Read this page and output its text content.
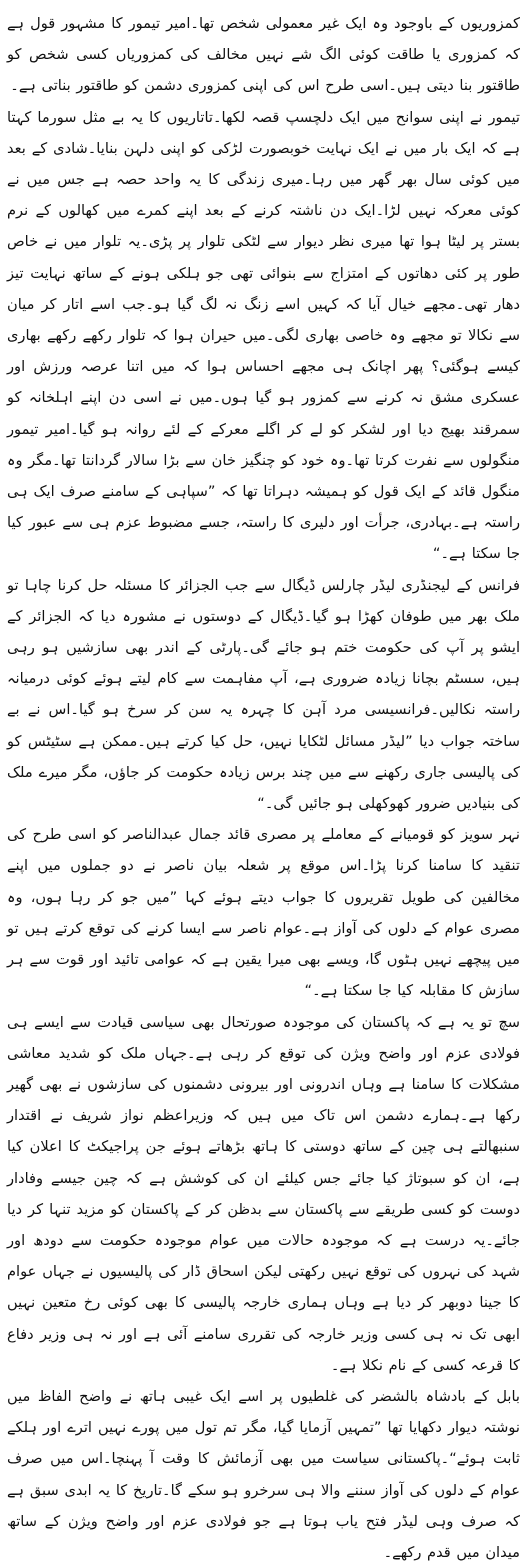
کمزوریوں کے باوجود وہ ایک غیر معمولی شخص تھا۔امیر تیمور کا مشہور قول ہے کہ کمزوری یا طاقت کوئی الگ شے نہیں مخالف کی کمزوریاں کسی شخص کو طاقتور بنا دیتی ہیں۔اسی طرح اس کی اپنی کمزوری دشمن کو طاقتور بناتی ہے۔

تیمور نے اپنی سوانح میں ایک دلچسپ قصہ لکھا۔تاتاریوں کا یہ بے مثل سورما کہتا ہے کہ ایک بار میں نے ایک نہایت خوبصورت لڑکی کو اپنی دلہن بنایا۔شادی کے بعد میں کوئی سال بھر گھر میں رہا۔میری زندگی کا یہ واحد حصہ ہے جس میں نے کوئی معرکہ نہیں لڑا۔ایک دن ناشتہ کرنے کے بعد اپنے کمرے میں کھالوں کے نرم بستر پر لیٹا ہوا تھا میری نظر دیوار سے لٹکی تلوار پر پڑی۔یہ تلوار میں نے خاص طور پر کئی دھاتوں کے امتزاج سے بنوائی تھی جو ہلکی ہونے کے ساتھ نہایت تیز دھار تھی۔مجھے خیال آیا کہ کہیں اسے زنگ نہ لگ گیا ہو۔جب اسے اتار کر میان سے نکالا تو مجھے وہ خاصی بھاری لگی۔میں حیران ہوا کہ تلوار رکھے رکھے بھاری کیسے ہوگئی؟ پھر اچانک ہی مجھے احساس ہوا کہ میں اتنا عرصہ ورزش اور عسکری مشق نہ کرنے سے کمزور ہو گیا ہوں۔میں نے اسی دن اپنے اہلخانہ کو سمرقند بھیج دیا اور لشکر کو لے کر اگلے معرکے کے لئے روانہ ہو گیا۔امیر تیمور منگولوں سے نفرت کرتا تھا۔وہ خود کو چنگیز خان سے بڑا سالار گردانتا تھا۔مگر وہ منگول قائد کے ایک قول کو ہمیشہ دہراتا تھا کہ ”سپاہی کے سامنے صرف ایک ہی راستہ ہے۔بہادری، جرأت اور دلیری کا راستہ، جسے مضبوط عزم ہی سے عبور کیا جا سکتا ہے۔“

فرانس کے لیجنڈری لیڈر چارلس ڈیگال سے جب الجزائر کا مسئلہ حل کرنا چاہا تو ملک بھر میں طوفان کھڑا ہو گیا۔ڈیگال کے دوستوں نے مشورہ دیا کہ الجزائر کے ایشو پر آپ کی حکومت ختم ہو جائے گی۔پارٹی کے اندر بھی سازشیں ہو رہی ہیں، سسٹم بچانا زیادہ ضروری ہے، آپ مفاہمت سے کام لیتے ہوئے کوئی درمیانہ راستہ نکالیں۔فرانسیسی مرد آہن کا چہرہ یہ سن کر سرخ ہو گیا۔اس نے بے ساختہ جواب دیا ”لیڈر مسائل لٹکایا نہیں، حل کیا کرتے ہیں۔ممکن ہے سٹیٹس کو کی پالیسی جاری رکھنے سے میں چند برس زیادہ حکومت کر جاؤں، مگر میرے ملک کی بنیادیں ضرور کھوکھلی ہو جائیں گی۔“

نہر سویز کو قومیانے کے معاملے پر مصری قائد جمال عبدالناصر کو اسی طرح کی تنقید کا سامنا کرنا پڑا۔اس موقع پر شعلہ بیان ناصر نے دو جملوں میں اپنے مخالفین کی طویل تقریروں کا جواب دیتے ہوئے کہا ”میں جو کر رہا ہوں، وہ مصری عوام کے دلوں کی آواز ہے۔عوام ناصر سے ایسا کرنے کی توقع کرتے ہیں تو میں پیچھے نہیں ہٹوں گا، ویسے بھی میرا یقین ہے کہ عوامی تائید اور قوت سے ہر سازش کا مقابلہ کیا جا سکتا ہے۔“

سچ تو یہ ہے کہ پاکستان کی موجودہ صورتحال بھی سیاسی قیادت سے ایسے ہی فولادی عزم اور واضح ویژن کی توقع کر رہی ہے۔جہاں ملک کو شدید معاشی مشکلات کا سامنا ہے وہاں اندرونی اور بیرونی دشمنوں کی سازشوں نے بھی گھیر رکھا ہے۔ہمارے دشمن اس تاک میں ہیں کہ وزیراعظم نواز شریف نے اقتدار سنبھالتے ہی چین کے ساتھ دوستی کا ہاتھ بڑھاتے ہوئے جن پراجیکٹ کا اعلان کیا ہے، ان کو سبوتاژ کیا جائے جس کیلئے ان کی کوشش ہے کہ چین جیسے وفادار دوست کو کسی طریقے سے پاکستان سے بدظن کر کے پاکستان کو مزید تنہا کر دیا جائے۔یہ درست ہے کہ موجودہ حالات میں عوام موجودہ حکومت سے دودھ اور شہد کی نہروں کی توقع نہیں رکھتی لیکن اسحاق ڈار کی پالیسیوں نے جہاں عوام کا جینا دوبھر کر دیا ہے وہاں ہماری خارجہ پالیسی کا بھی کوئی رخ متعین نہیں ابھی تک نہ ہی کسی وزیر خارجہ کی تقرری سامنے آئی ہے اور نہ ہی وزیر دفاع کا قرعہ کسی کے نام نکلا ہے۔

بابل کے بادشاہ بالشضر کی غلطیوں پر اسے ایک غیبی ہاتھ نے واضح الفاظ میں نوشتہ دیوار دکھایا تھا ”تمہیں آزمایا گیا، مگر تم تول میں پورے نہیں اترے اور ہلکے ثابت ہوئے“۔پاکستانی سیاست میں بھی آزمائش کا وقت آ پہنچا۔اس میں صرف عوام کے دلوں کی آواز سننے والا ہی سرخرو ہو سکے گا۔تاریخ کا یہ ابدی سبق ہے کہ صرف وہی لیڈر فتح یاب ہوتا ہے جو فولادی عزم اور واضح ویژن کے ساتھ میدان میں قدم رکھے۔
